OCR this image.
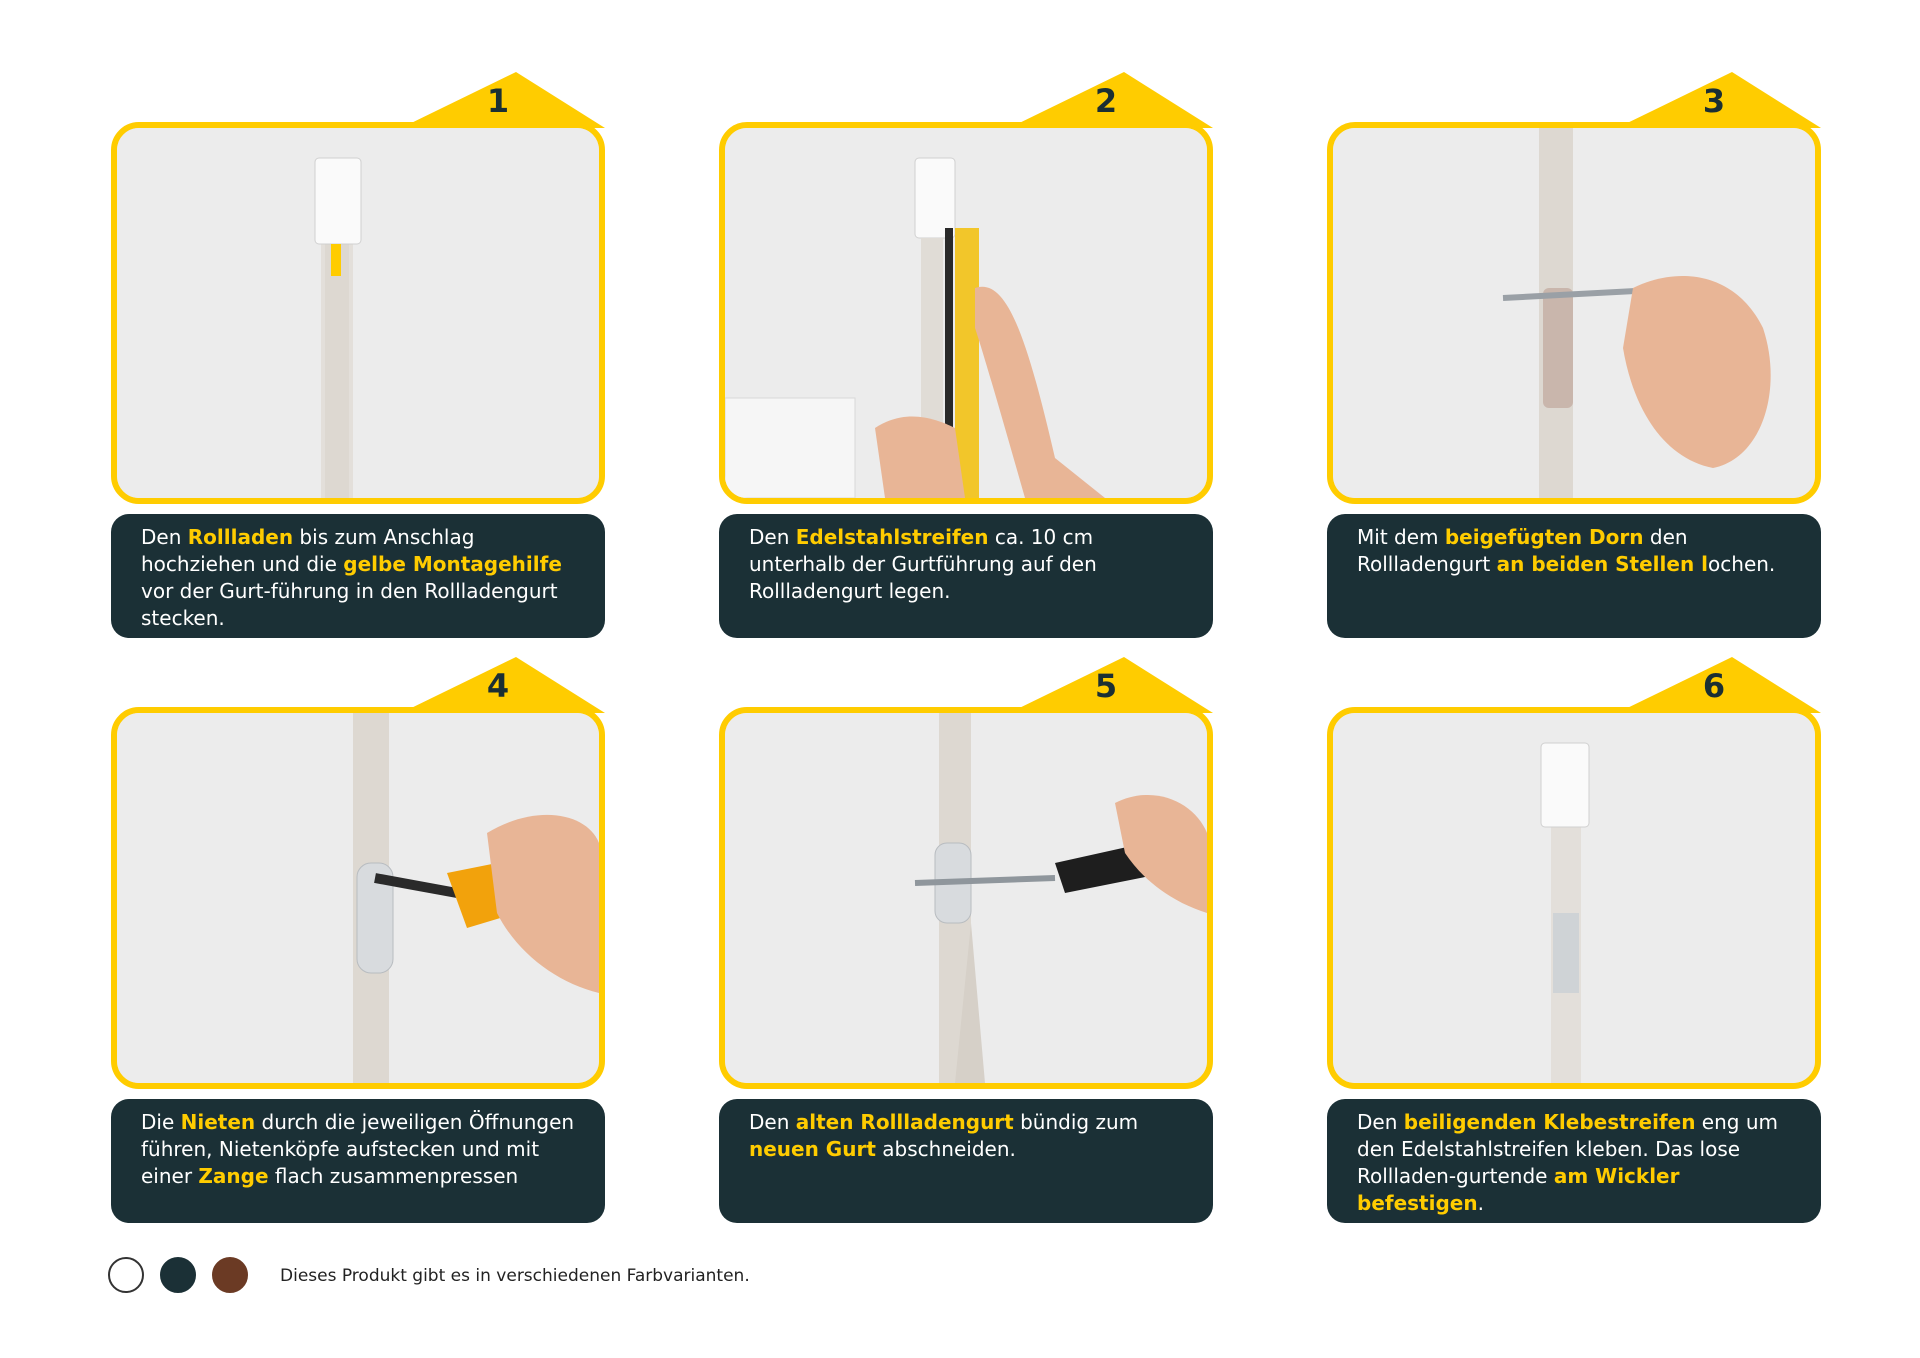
1
Den Rollladen bis zum Anschlag hochziehen und die gelbe Montagehilfe vor der Gurt-führung in den Rollladengurt stecken.
2
Den Edelstahlstreifen ca. 10 cm unterhalb der Gurtführung auf den Rollladengurt legen.
3
Mit dem beigefügten Dorn den Rollladengurt an beiden Stellen lochen.
4
Die Nieten durch die jeweiligen Öffnungen führen, Nietenköpfe aufstecken und mit einer Zange flach zusammenpressen
5
Den alten Rollladengurt bündig zum neuen Gurt abschneiden.
6
Den beiligenden Klebestreifen eng um den Edelstahlstreifen kleben. Das lose Rollladen-gurtende am Wickler befestigen.
Dieses Produkt gibt es in verschiedenen Farbvarianten.
